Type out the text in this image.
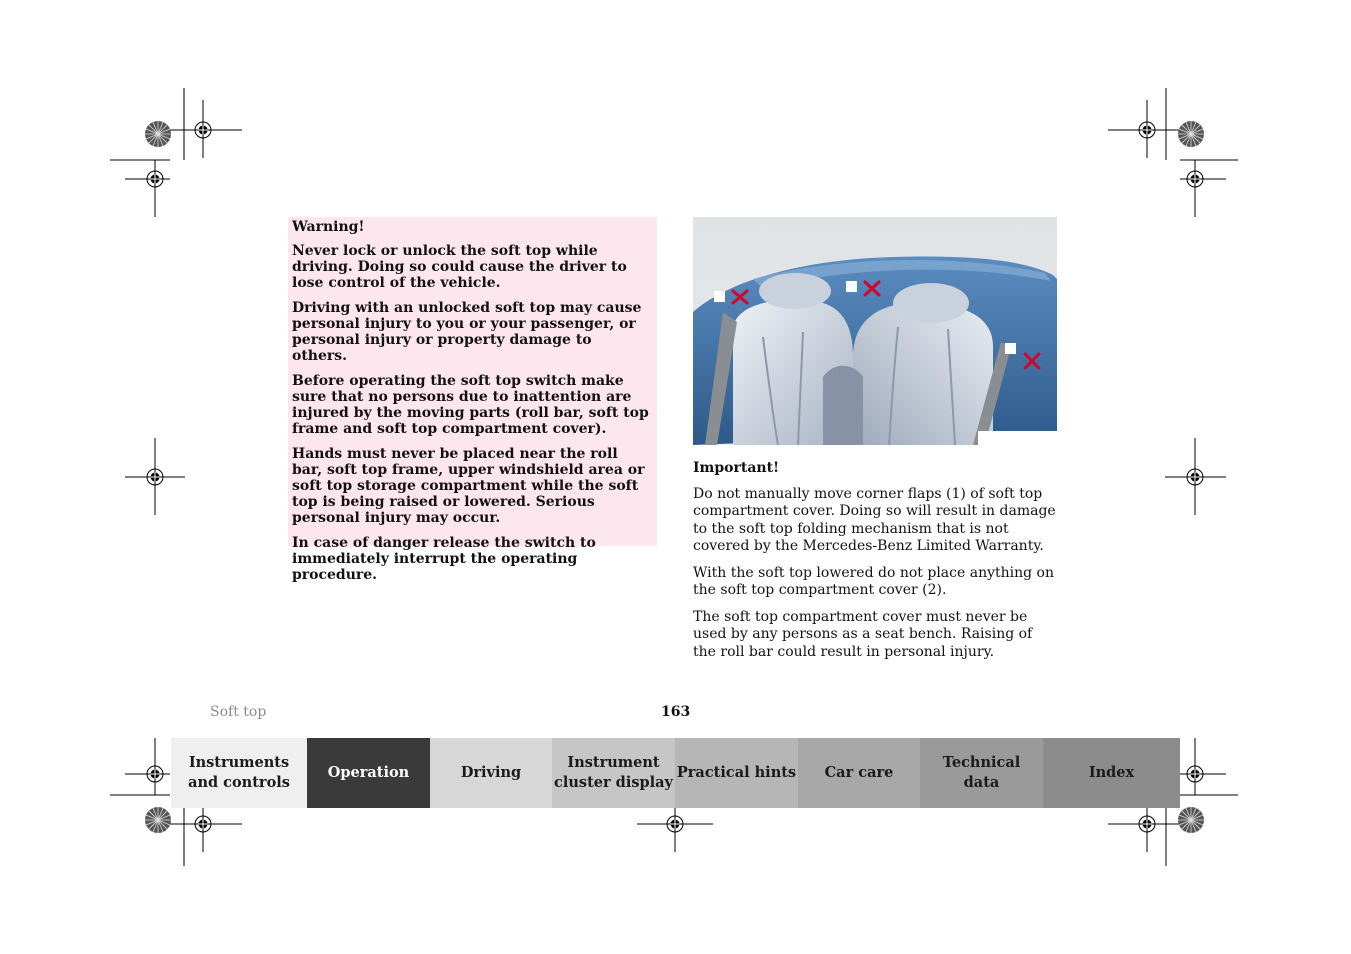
Warning!

Never lock or unlock the soft top while driving. Doing so could cause the driver to lose control of the vehicle.

Driving with an unlocked soft top may cause personal injury to you or your passenger, or personal injury or property damage to others.

Before operating the soft top switch make sure that no persons due to inattention are injured by the moving parts (roll bar, soft top frame and soft top compartment cover).

Hands must never be placed near the roll bar, soft top frame, upper windshield area or soft top storage compartment while the soft top is being raised or lowered. Serious personal injury may occur.

In case of danger release the switch to immediately interrupt the operating procedure.

Important!

Do not manually move corner flaps (1) of soft top compartment cover. Doing so will result in damage to the soft top folding mechanism that is not covered by the Mercedes-Benz Limited Warranty.

With the soft top lowered do not place anything on the soft top compartment cover (2).

The soft top compartment cover must never be used by any persons as a seat bench. Raising of the roll bar could result in personal injury.

Soft top	163
Instruments
and controls
Operation	Driving
Instrument
cluster display
Practical hints Car care
Technical
data
Index
